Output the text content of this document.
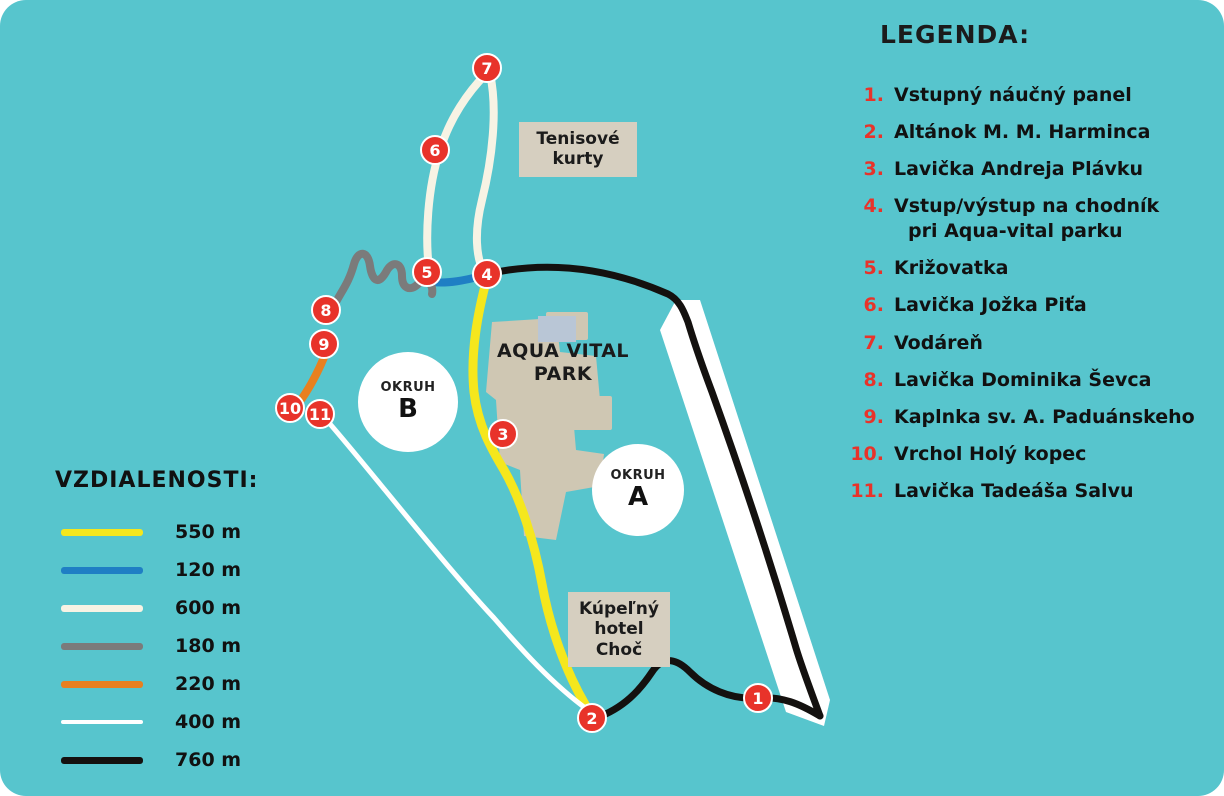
Tenisové kurty
Kúpeľný hotel Choč
AQUA VITAL PARK
OKRUH
B
OKRUH
A
1
2
3
4
5
6
7
8
9
10 11
LEGENDA:
1. Vstupný náučný panel
2. Altánok M. M. Harminca
3. Lavička Andreja Plávku
4. Vstup/výstup na chodník
pri Aqua-vital parku
5. Križovatka
6. Lavička Jožka Piťa
7. Vodáreň
8. Lavička Dominika Ševca
9. Kaplnka sv. A. Paduánskeho
10. Vrchol Holý kopec
11. Lavička Tadeáša Salvu
VZDIALENOSTI:
550 m
120 m
600 m
180 m
220 m
400 m
760 m
